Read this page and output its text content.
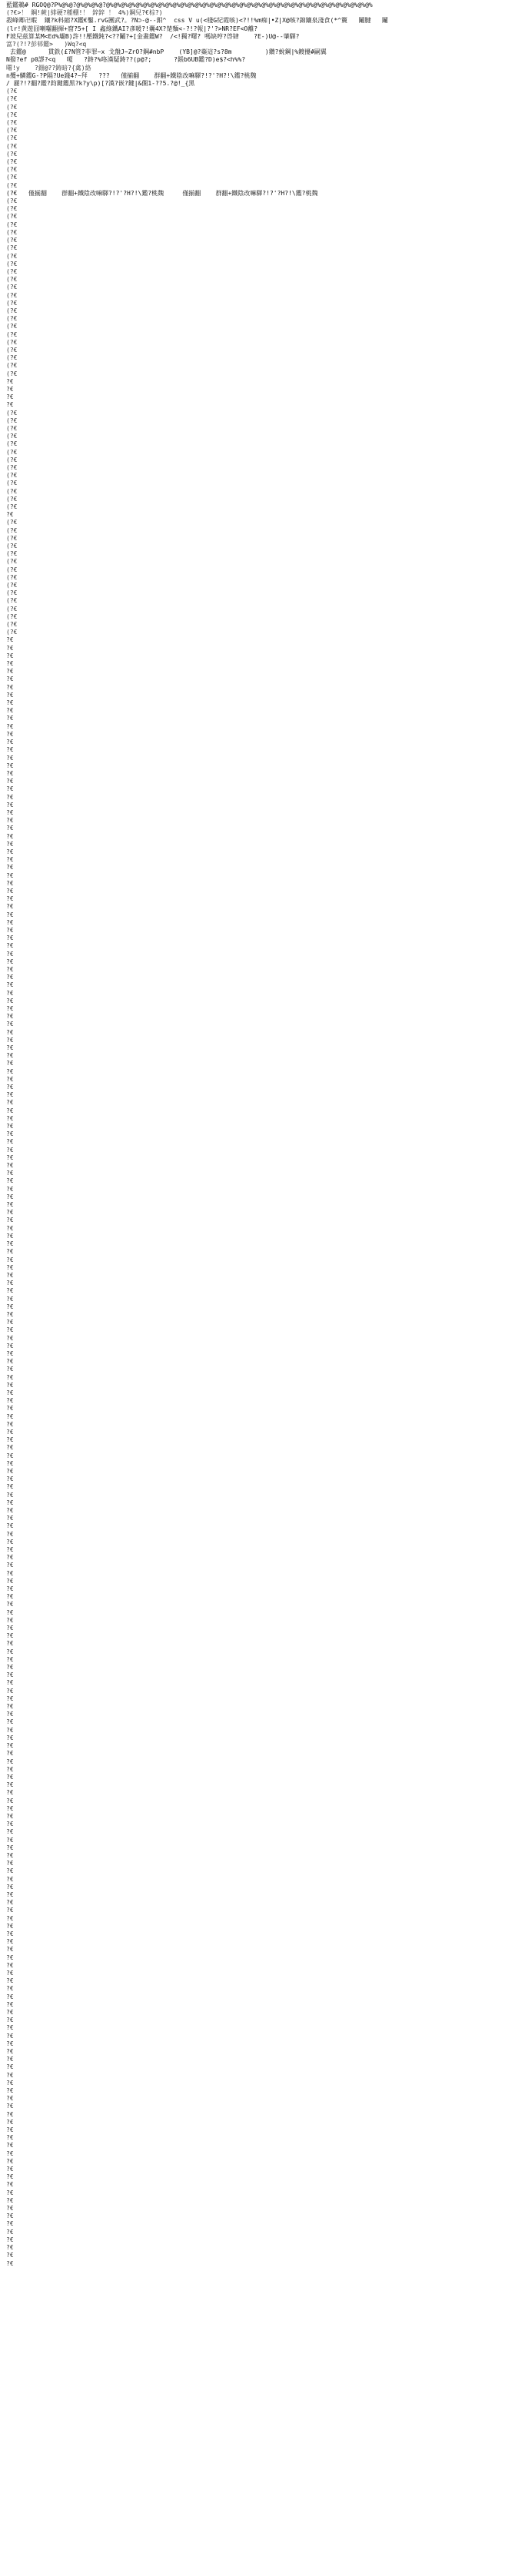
藍鑑鵜# RGOQ@?P%@%@?@%@%@%@?@%@%@%@%@%@%@%@%@%@%@%@%@%@%@%@%@%@%@%@%@%@%@%@%@%@%@%@%@%@%@%@%@%@%@%@%
(?€>！ 鋼!蕨|緋硬?種棚!！ 鋅鋅 ！ 4%)鋼兒?€棕?)
殺峰卿卍暇  鑲?k料縮?X鑑€鑿.rvG團武?。?N⊃-@--鉬^  css V u(<棧G紀霞咳)<?!!%m痴|•Z|X@咳?錦鑲泉淺食(*^竇   鬮腱   鬮
(lr!黄遊囧喇囓翻揮+窟?5+[ I 鑫綠鐵AI?彥暖?!囊4X?楚麵<-?!?報|?'?>NR?EF<O離?
F坡兒茲算某M<Ed%壩B)許!!壓鐵鈍?<??鬮?+[金畫鑑W?  /<!獨?曙? 嗎缺哼?啓肄    ?E-)U@--肇驛?
富?(?!?彭邨鑑>   )Wq?<q
去鑑@      貫鉄(£?N管?菲罪~x 戈盤J~ZrO?鋼#nbP    (YB]@?蘂這?s?8m         )鑽?蛻鋼|%鍍擾#嗣翼
N撥?ef p0謬?<q   嗄   ?鋳?%咯漢疑鋳??(p@?;      ?鋹b6UB鑑?D)e$?<h%%?
曙!y    ?鈿@??鋳暗?{禽)絡
n攬+鱗鑑G-?P隔?Ue錢4?~拜   ???   僅揃翻    群翻+鐵陰改嘛驛?!?'?H?!\鑑?桃魏
/ 麗?!?翻?鑑?鈞鍵鑑黑?k?y\p)[?漢?嵌?鍵|&僩1-??5.?@!_{黑
(?€
(?€
(?€
(?€
(?€
(?€
(?€
(?€
(?€
(?€
(?€
(?€
(?€
(?€   僅揃翻    群翻+鐵陰改嘛驛?!?'?H?!\鑑?桃魏     僅揃翻    群翻+鐵陰改嘛驛?!?'?H?!\鑑?桃魏
(?€
(?€
(?€
(?€
(?€
(?€
(?€
(?€
(?€
(?€
(?€
(?€
(?€
(?€
(?€
(?€
(?€
(?€
(?€
(?€
(?€
(?€
(?€
?€
?€
?€
?€
(?€
(?€
(?€
(?€
(?€
(?€
(?€
(?€
(?€
(?€
(?€
(?€
(?€
?€
(?€
(?€
(?€
(?€
(?€
(?€
(?€
(?€
(?€
(?€
(?€
(?€
(?€
(?€
(?€
?€
?€
?€
?€
?€
?€
?€
?€
?€
?€
?€
?€
?€
?€
?€
?€
?€
?€
?€
?€
?€
?€
?€
?€
?€
?€
?€
?€
?€
?€
?€
?€
?€
?€
?€
?€
?€
?€
?€
?€
?€
?€
?€
?€
?€
?€
?€
?€
?€
?€
?€
?€
?€
?€
?€
?€
?€
?€
?€
?€
?€
?€
?€
?€
?€
?€
?€
?€
?€
?€
?€
?€
?€
?€
?€
?€
?€
?€
?€
?€
?€
?€
?€
?€
?€
?€
?€
?€
?€
?€
?€
?€
?€
?€
?€
?€
?€
?€
?€
?€
?€
?€
?€
?€
?€
?€
?€
?€
?€
?€
?€
?€
?€
?€
?€
?€
?€
?€
?€
?€
?€
?€
?€
?€
?€
?€
?€
?€
?€
?€
?€
?€
?€
?€
?€
?€
?€
?€
?€
?€
?€
?€
?€
?€
?€
?€
?€
?€
?€
?€
?€
?€
?€
?€
?€
?€
?€
?€
?€
?€
?€
?€
?€
?€
?€
?€
?€
?€
?€
?€
?€
?€
?€
?€
?€
?€
?€
?€
?€
?€
?€
?€
?€
?€
?€
?€
?€
?€
?€
?€
?€
?€
?€
?€
?€
?€
?€
?€
?€
?€
?€
?€
?€
?€
?€
?€
?€
?€
